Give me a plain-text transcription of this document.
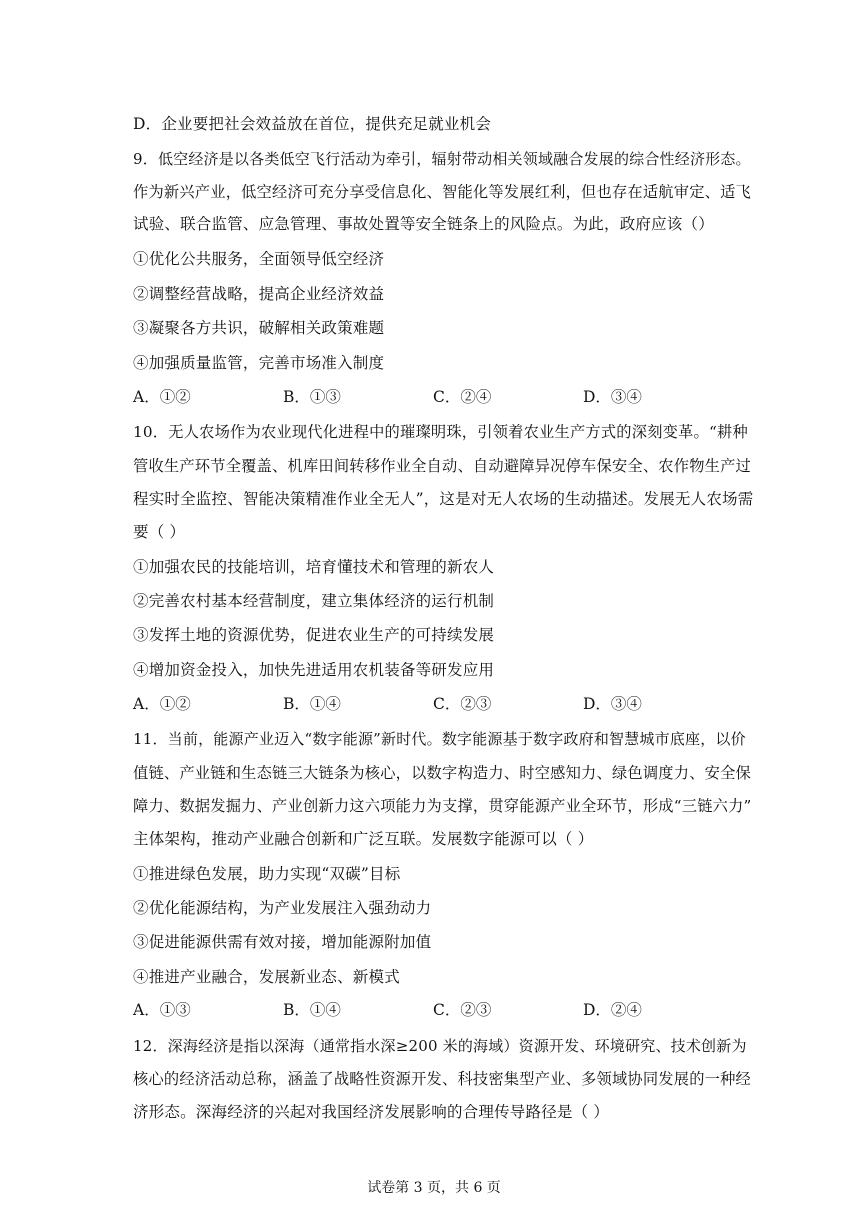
D．企业要把社会效益放在首位，提供充足就业机会
9．低空经济是以各类低空飞行活动为牵引，辐射带动相关领域融合发展的综合性经济形态。
作为新兴产业，低空经济可充分享受信息化、智能化等发展红利，但也存在适航审定、适飞
试验、联合监管、应急管理、事故处置等安全链条上的风险点。为此，政府应该（）
①优化公共服务，全面领导低空经济
②调整经营战略，提高企业经济效益
③凝聚各方共识，破解相关政策难题
④加强质量监管，完善市场准入制度
A．①②	B．①③	C．②④	D．③④
10．无人农场作为农业现代化进程中的璀璨明珠，引领着农业生产方式的深刻变革。“耕种
管收生产环节全覆盖、机库田间转移作业全自动、自动避障异况停车保安全、农作物生产过
程实时全监控、智能决策精准作业全无人”，这是对无人农场的生动描述。发展无人农场需
要（ ）
①加强农民的技能培训，培育懂技术和管理的新农人
②完善农村基本经营制度，建立集体经济的运行机制
③发挥土地的资源优势，促进农业生产的可持续发展
④增加资金投入，加快先进适用农机装备等研发应用
A．①②	B．①④	C．②③	D．③④
11．当前，能源产业迈入“数字能源”新时代。数字能源基于数字政府和智慧城市底座，以价
值链、产业链和生态链三大链条为核心，以数字构造力、时空感知力、绿色调度力、安全保
障力、数据发掘力、产业创新力这六项能力为支撑，贯穿能源产业全环节，形成“三链六力”
主体架构，推动产业融合创新和广泛互联。发展数字能源可以（ ）
①推进绿色发展，助力实现“双碳”目标
②优化能源结构，为产业发展注入强劲动力
③促进能源供需有效对接，增加能源附加值
④推进产业融合，发展新业态、新模式
A．①③	B．①④	C．②③	D．②④
12．深海经济是指以深海（通常指水深≥200 米的海域）资源开发、环境研究、技术创新为
核心的经济活动总称，涵盖了战略性资源开发、科技密集型产业、多领域协同发展的一种经
济形态。深海经济的兴起对我国经济发展影响的合理传导路径是（ ）
试卷第 3 页，共 6 页
